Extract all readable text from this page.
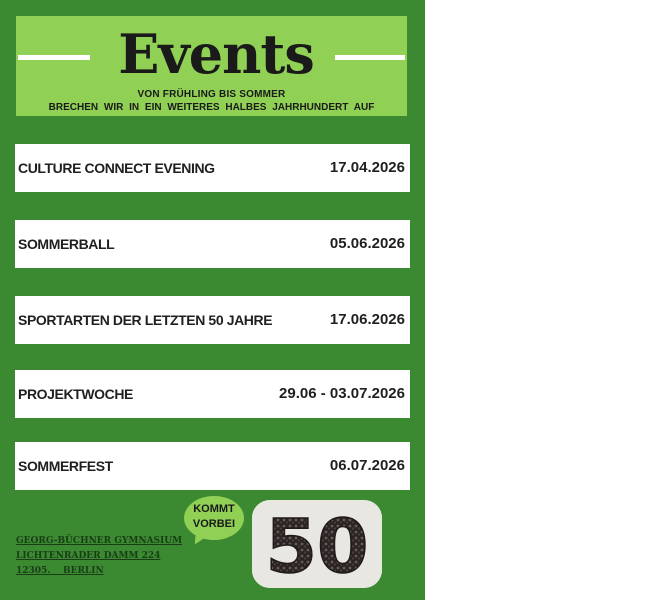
Events
VON FRÜHLING BIS SOMMER
BRECHEN WIR IN EIN WEITERES HALBES JAHRHUNDERT AUF
CULTURE CONNECT EVENING	17.04.2026
SOMMERBALL	05.06.2026
SPORTARTEN DER LETZTEN 50 JAHRE	17.06.2026
PROJEKTWOCHE	29.06 - 03.07.2026
SOMMERFEST	06.07.2026
KOMMT
VORBEI
GEORG-BÜCHNER GYMNASIUM
LICHTENRADER DAMM 224
12305.    BERLIN	50
